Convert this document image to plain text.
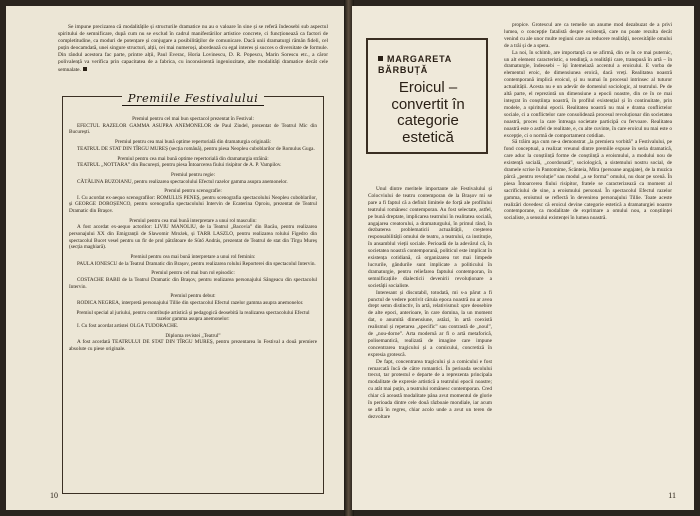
Se impune precizarea că modalitățile și structurile dramatice nu au o valoare în sine și se referă îndeosebi sub aspectul spiritului de semnificare, după cum nu se exclud în cadrul manifestărilor artistice concrete, ci funcționează ca factori de completitudine, ca moduri de potențare și conjugare a posibilităților de comunicare. Dacă unii dramaturgi rămân fideli, cel puțin deocamdată, unei singure structuri, alții, cei mai numeroși, abordează cu egal interes și succes o diversitate de formule. Din rândul acestora fac parte, printre alții, Paul Everac, Horia Lovinescu, D. R. Popescu, Marin Sorescu etc., a căror polivalență va verifica prin capacitatea de a fabrica, cu inconsistentă ingeniozitate, alte modalități dramatice decât cele semnalate.
Premiile Festivalului
Premiul pentru cel mai bun spectacol prezentat în Festival:
EFECTUL RAZELOR GAMMA ASUPRA ANEMONELOR de Paul Zindel, prezentat de Teatrul Mic din București.
Premiul pentru cea mai bună optime repertorială din dramaturgia originală:
TEATRUL DE STAT DIN TÎRGU MUREȘ (secția română), pentru piesa Neopleu cuboblarilor de Romulus Guga.
Premiul pentru cea mai bună optime repertorială din dramaturgia străină:
TEATRUL „NOTTARA” din București, pentru piesa Întoarcerea fiului risipitor de A. P. Vampilov.
Premiul pentru regie:
CĂTĂLINA BUZOIANU, pentru realizarea spectacolului Efectul razelor gamma asupra anemonelor.
Premiul pentru scenografie:
I. Cu acordat ex-aequo scenografilor: ROMULUS PENEȘ, pentru scenografia spectacolului Neopleu cuboblarilor, și GEORGE DOROȘENCO, pentru scenografia spectacolului Intervin de Ecaterina Oproiu, prezentat de Teatrul Dramatic din Brașov.
Premiul pentru cea mai bună interpretare a unui rol masculin:
A fost acordat ex-aequo actorilor: LIVIU MANOLIU, de la Teatrul „Bacovia” din Bacău, pentru realizarea personajului XX din Emigranții de Slawomir Mrożek, și TARR LASZLO, pentru realizarea rolului Figedro din spectacolul Bucet vesel pentru un fir de prol pătrătoare de Sütő András, prezentat de Teatrul de stat din Tîrgu Mureș (secția maghiară).
Premiul pentru cea mai bună interpretare a unui rol feminin:
PAULA IONESCU de la Teatrul Dramatic din Brașov, pentru realizarea rolului Reporterei din spectacolul Intervin.
Premiul pentru cel mai bun rol episodic:
COSTACHE BABII de la Teatrul Dramatic din Brașov, pentru realizarea personajului Sângeacu din spectacolul Intervin.
Premiul pentru debut:
RODICA NEGREA, interpretă personajului Tillie din spectacolul Efectul razelor gamma asupra anemonelor.
Premiul special al juriului, pentru contribuție artistică și pedagogică deosebită la realizarea spectacolului Efectul razelor gamma asupra anemonelor:
I. Cu fost acordat artistei OLGA TUDORACHE.
Diploma revistei „Teatrul”
A fost acordată TEATRULUI DE STAT DIN TÎRGU MUREȘ, pentru prezentarea în Festival a două premiere absolute cu piese originale.
10
MARGARETA BĂRBUȚĂ
Eroicul – convertit în categorie estetică

Unul dintre meritele importante ale Festivalului și Colocviului de teatru contemporan de la Brașov mi se pare a fi faptul că a definit limitele de forță ale profilului teatrului românesc contemporan. Au fost selectate, astfel, pe bună dreptate, implicarea teatrului în realitatea socială, angajarea creatorului, a dramaturgului, în primul rând, în dezbaterea problematicii actualității, creșterea responsabilității omului de teatru, a teatrului, ca instituție, în ansamblul vieții sociale. Perioadă de la adevărul că, în societatea noastră contemporană, politicul este implicat în existența cotidiană, că organizarea tot mai limpede lucrurile, gândurile sunt implicate a politicului în dramaturgie, pentru reliefarea faptului contemporan, în semnificațiile dialecticii devenirii revoluționare a societății socialiste.

Interesant și discutabil, totodată, mi s-a părut a fi punctul de vedere potrivit căruia epoca noastră nu ar avea drept semn distinctiv, în artă, relativismul: spre deosebire de alte epoci, anterioare, în care domina, la un moment dat, o anumită dimensiune, astăzi, în artă coexistă realismul și repetarea „specific” sau contrastă de „noul”, de „nou-dorne”. Arta modernă ar fi o artă metaforică, polisemantică, realizată de imagine care impune concentrarea tragicului și a comicului, concretiză în expresia grotescă.

De fapt, concentrarea tragicului și a comicului e fost remarcată încă de către romantici. În perioada secolului trecut, tar protestul e departe de a reprezenta principala modalitate de expresie artistică a teatrului epocii noastre; cu atât mai puțin, a teatrului românesc contemporan. Cred chiar că această modalitate pâna avut momentul de glorie în perioada dintre cele două războaie mondiale, iar acum se aflâ în regres, chiar acolo unde a avut un teren de dezvoltare

propice. Grotescul are ca temelie un anume mod dezabuzat de a privi lumea, o concepție fatalistă despre existență, care nu poate rezulta decât venind cu ale unor multe regiuni care au reducere realității, necesitățile omului de a trăi și de a spera.

La noi, în schimb, are importanță ca se afirmă, din ce în ce mai puternic, un alt element caracteristic, o tendință, a realității care, transpusă în artă – în dramaturgie, îndeosebi – își întemeiază accentul a eroicului. E vorba de elementul eroic, de dimensiunea eroică, dacă vreți. Realitatea noastră contemporană implică eroicul, și nu numai în procesul intrinsec al tuturor actualității. Acesta nu e un adevăr de domeniul sociologic, al teatrului. Pe de altă parte, el reprezintă un dimensiune a epocii noastre, din ce în ce mai integrat în conștiința noastră, în profilul existențial și în continuitate, prin modele, a spiritului epocii. Realitatea noastră nu mai e drama conflictelor sociale, ci a conflictelor care consolidează procesul revoluționar din societatea noastră, proces la care întreaga societate participă cu fervoare. Realitatea noastră este o astfel de realitate, e, cu alte cuvinte, în care eroicul nu mai este o excepție, ci o normă de comportament cotidian.

Să trăim aşa cum ne-a demonstrat „la premiera vorbită” a Festivalului, pe fond conceptual, a realizat vreunul dintre premiile expuse în seria dramatică, care aduc la conștiință forme de conștiință a eroismului, a modului nou de existență socială, „coordonată”, sociologică, a sistemului nostru social, de dramele scrise în Pantomime, Scânteia, Mira (persoane angajate), de la muzica pârcă „pentru revoluție” sau modul „a se forma” omului, nu doar pe scenă. În piesa Întoarcerea fiului risipitor, fratele se caracterizează ca moment al sacrificiului de sine, a eroismului personal. În spectacolul Efectul razelor gamma, eroismul se reflectă în devenirea personajului Tillie. Toate aceste realizări dovedesc că eroicul devine categorie estetică a dramaturgiei noastre contemporane, ca modalitate de exprimare a omului nou, a conștiinței socialiste, a sensului existenței în lumea noastră.

11
